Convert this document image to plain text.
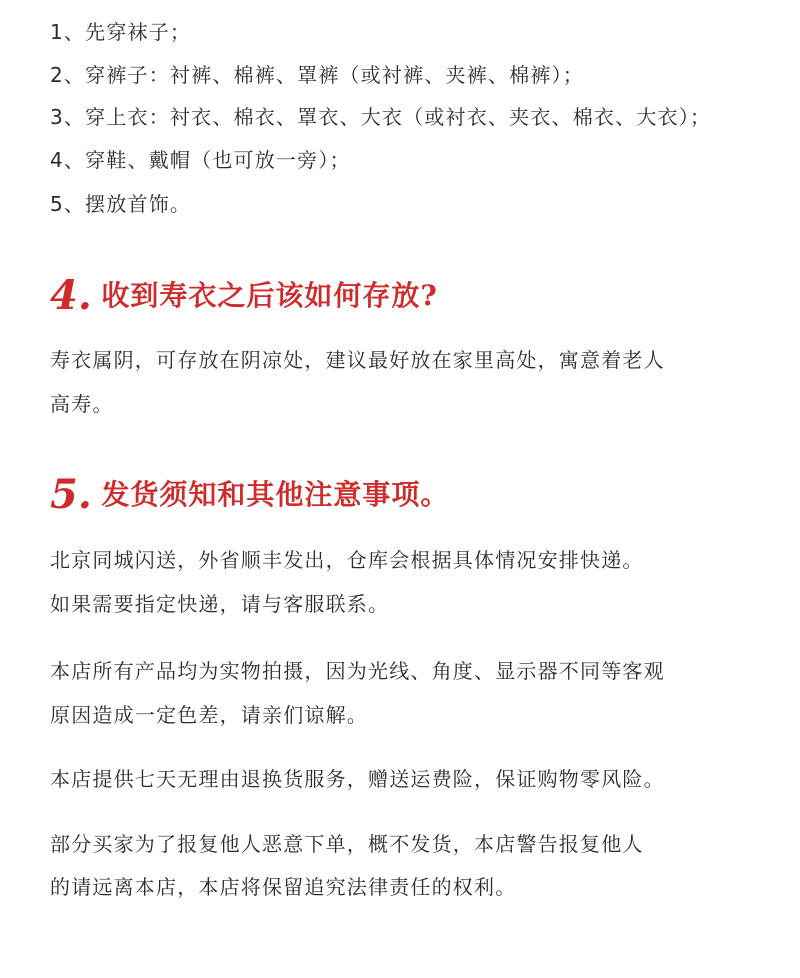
1、先穿袜子；
2、穿裤子：衬裤、棉裤、罩裤（或衬裤、夹裤、棉裤）；
3、穿上衣：衬衣、棉衣、罩衣、大衣（或衬衣、夹衣、棉衣、大衣）；
4、穿鞋、戴帽（也可放一旁）；
5、摆放首饰。
4. 收到寿衣之后该如何存放?
寿衣属阴，可存放在阴凉处，建议最好放在家里高处，寓意着老人
高寿。
5. 发货须知和其他注意事项。
北京同城闪送，外省顺丰发出，仓库会根据具体情况安排快递。
如果需要指定快递，请与客服联系。
本店所有产品均为实物拍摄，因为光线、角度、显示器不同等客观
原因造成一定色差，请亲们谅解。
本店提供七天无理由退换货服务，赠送运费险，保证购物零风险。
部分买家为了报复他人恶意下单，概不发货，本店警告报复他人
的请远离本店，本店将保留追究法律责任的权利。
